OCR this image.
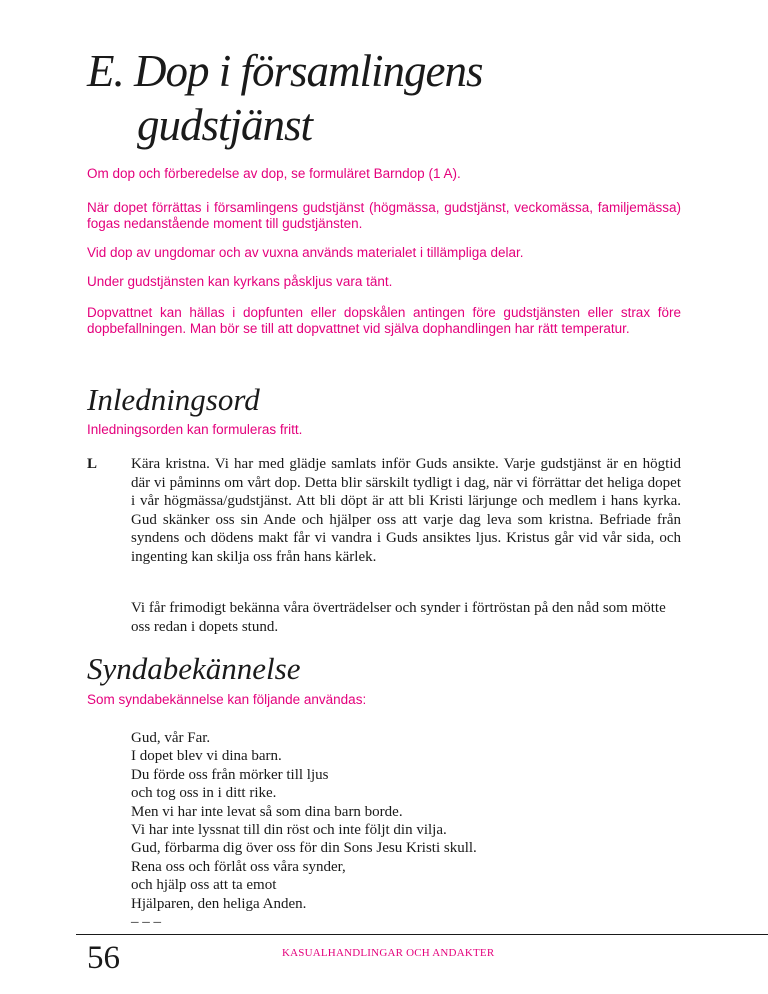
E. Dop i församlingens
gudstjänst

Om dop och förberedelse av dop, se formuläret Barndop (1 A).

När dopet förrättas i församlingens gudstjänst (högmässa, gudstjänst, veckomässa, familjemässa) fogas nedanstående moment till gudstjänsten.

Vid dop av ungdomar och av vuxna används materialet i tillämpliga delar.

Under gudstjänsten kan kyrkans påskljus vara tänt.

Dopvattnet kan hällas i dopfunten eller dopskålen antingen före gudstjänsten eller strax före dopbefallningen. Man bör se till att dopvattnet vid själva dophandlingen har rätt temperatur.

Inledningsord

Inledningsorden kan formuleras fritt.

L Kära kristna. Vi har med glädje samlats inför Guds ansikte. Varje gudstjänst är en högtid där vi påminns om vårt dop. Detta blir särskilt tydligt i dag, när vi förrättar det heliga dopet i vår högmässa/gudstjänst. Att bli döpt är att bli Kristi lärjunge och medlem i hans kyrka. Gud skänker oss sin Ande och hjälper oss att varje dag leva som kristna. Befriade från syndens och dödens makt får vi vandra i Guds ansiktes ljus. Kristus går vid vår sida, och ingenting kan skilja oss från hans kärlek.

Vi får frimodigt bekänna våra överträdelser och synder i förtröstan på den nåd som mötte oss redan i dopets stund.

Syndabekännelse

Som syndabekännelse kan följande användas:

Gud, vår Far.
I dopet blev vi dina barn.
Du förde oss från mörker till ljus
och tog oss in i ditt rike.
Men vi har inte levat så som dina barn borde.
Vi har inte lyssnat till din röst och inte följt din vilja.
Gud, förbarma dig över oss för din Sons Jesu Kristi skull.
Rena oss och förlåt oss våra synder,
och hjälp oss att ta emot
Hjälparen, den heliga Anden.
– – –
56	KASUALHANDLINGAR OCH ANDAKTER
